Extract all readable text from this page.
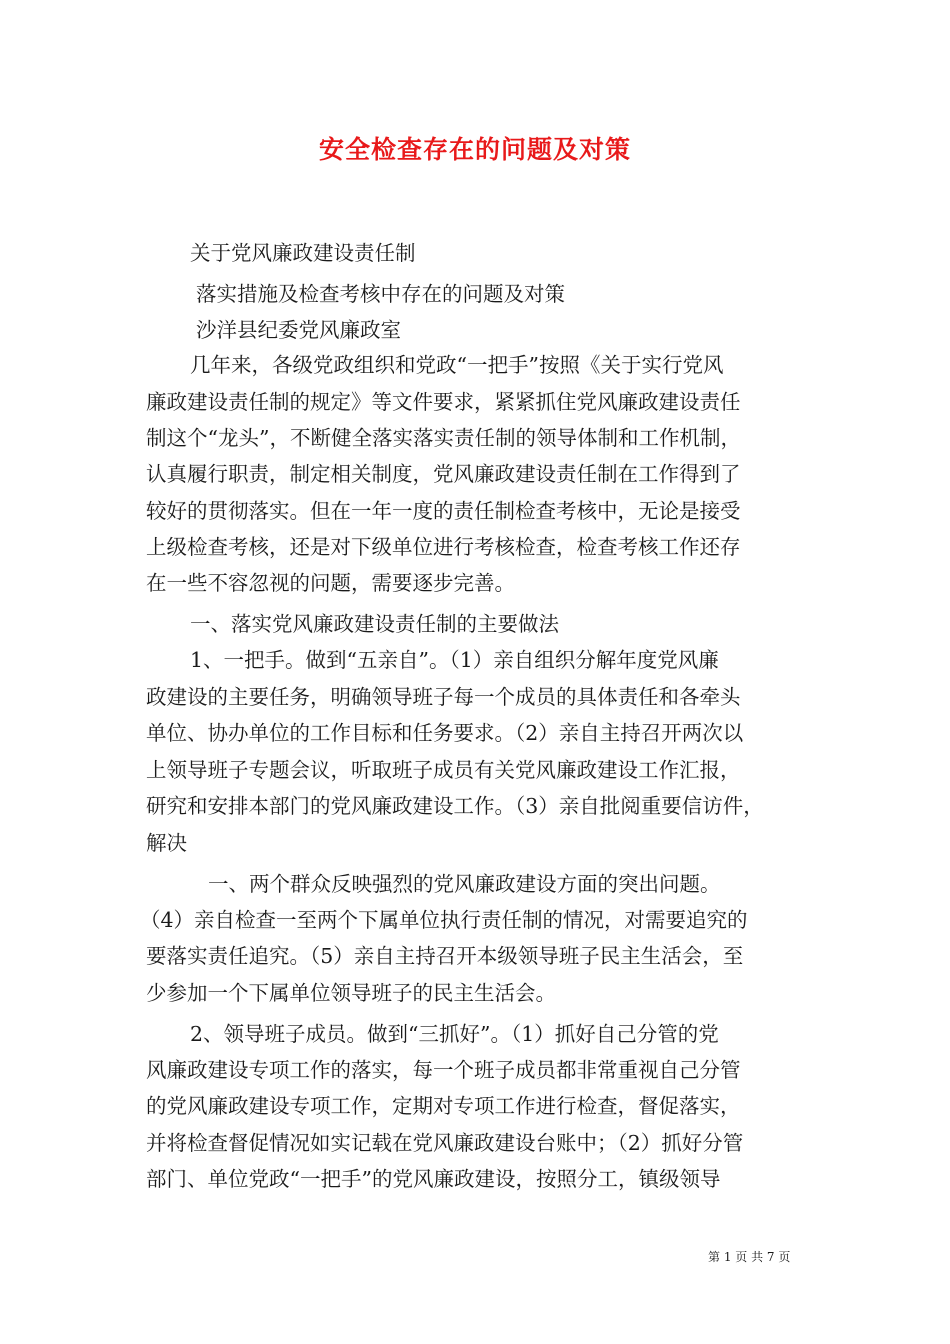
安全检查存在的问题及对策
关于党风廉政建设责任制
落实措施及检查考核中存在的问题及对策
沙洋县纪委党风廉政室
几年来，各级党政组织和党政“一把手”按照《关于实行党风
廉政建设责任制的规定》等文件要求，紧紧抓住党风廉政建设责任
制这个“龙头”，不断健全落实落实责任制的领导体制和工作机制，
认真履行职责，制定相关制度，党风廉政建设责任制在工作得到了
较好的贯彻落实。但在一年一度的责任制检查考核中，无论是接受
上级检查考核，还是对下级单位进行考核检查，检查考核工作还存
在一些不容忽视的问题，需要逐步完善。
一、落实党风廉政建设责任制的主要做法
1、一把手。做到“五亲自”。（1）亲自组织分解年度党风廉
政建设的主要任务，明确领导班子每一个成员的具体责任和各牵头
单位、协办单位的工作目标和任务要求。（2）亲自主持召开两次以
上领导班子专题会议，听取班子成员有关党风廉政建设工作汇报，
研究和安排本部门的党风廉政建设工作。（3）亲自批阅重要信访件，
解决
一、两个群众反映强烈的党风廉政建设方面的突出问题。
（4）亲自检查一至两个下属单位执行责任制的情况，对需要追究的
要落实责任追究。（5）亲自主持召开本级领导班子民主生活会，至
少参加一个下属单位领导班子的民主生活会。
2、领导班子成员。做到“三抓好”。（1）抓好自己分管的党
风廉政建设专项工作的落实，每一个班子成员都非常重视自己分管
的党风廉政建设专项工作，定期对专项工作进行检查，督促落实，
并将检查督促情况如实记载在党风廉政建设台账中；（2）抓好分管
部门、单位党政“一把手”的党风廉政建设，按照分工，镇级领导
第 1 页 共 7 页
